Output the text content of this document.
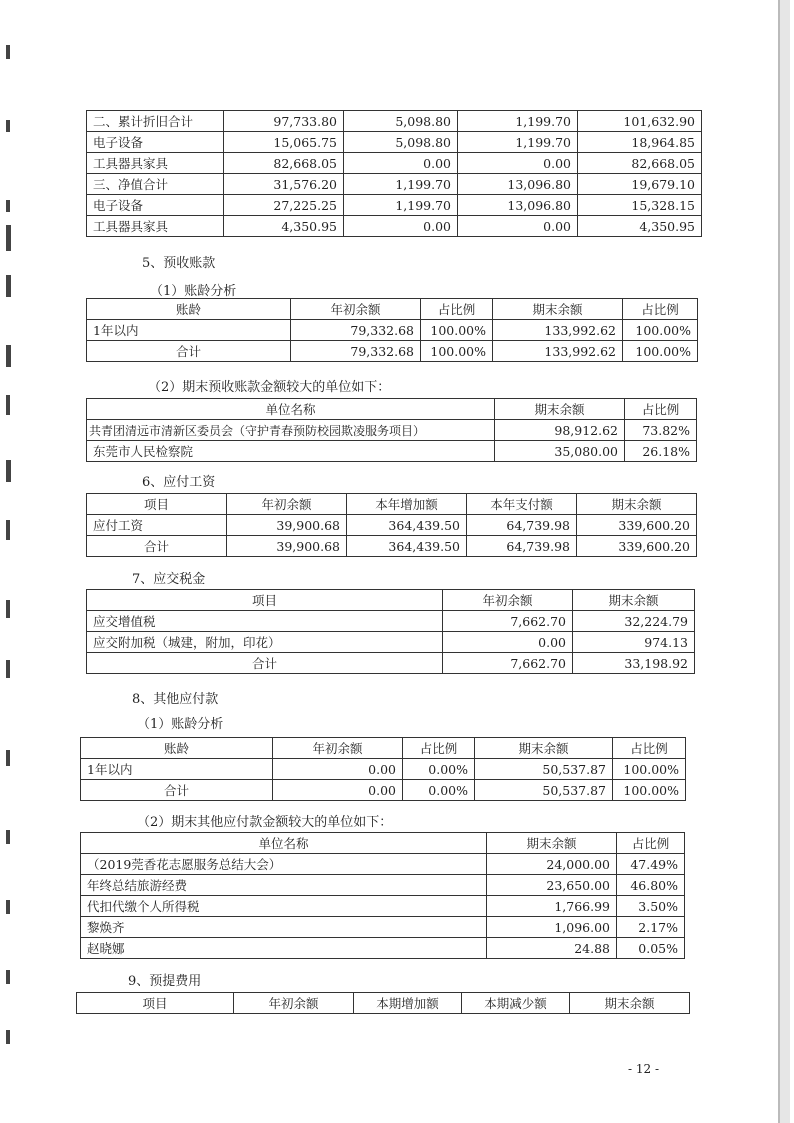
二、累计折旧合计	97,733.80	5,098.80	1,199.70	101,632.90
电子设备	15,065.75	5,098.80	1,199.70	18,964.85
工具器具家具	82,668.05	0.00	0.00	82,668.05
三、净值合计	31,576.20	1,199.70	13,096.80	19,679.10
电子设备	27,225.25	1,199.70	13,096.80	15,328.15
工具器具家具	4,350.95	0.00	0.00	4,350.95
5、预收账款
（1）账龄分析
账龄	年初余额	占比例	期末余额	占比例
1年以内	79,332.68	100.00%	133,992.62	100.00%
合计	79,332.68	100.00%	133,992.62	100.00%
（2）期末预收账款金额较大的单位如下：
单位名称	期末余额	占比例
共青团清远市清新区委员会（守护青春预防校园欺凌服务项目）	98,912.62	73.82%
东莞市人民检察院	35,080.00	26.18%
6、应付工资
项目	年初余额	本年增加额	本年支付额	期末余额
应付工资	39,900.68	364,439.50	64,739.98	339,600.20
合计	39,900.68	364,439.50	64,739.98	339,600.20
7、应交税金
项目	年初余额	期末余额
应交增值税	7,662.70	32,224.79
应交附加税（城建，附加，印花）	0.00	974.13
合计	7,662.70	33,198.92
8、其他应付款
账龄	年初余额	占比例	期末余额	占比例
1年以内	0.00	0.00%	50,537.87	100.00%
合计	0.00	0.00%	50,537.87	100.00%
（1）账龄分析
（2）期末其他应付款金额较大的单位如下：
单位名称	期末余额	占比例
（2019莞香花志愿服务总结大会）	24,000.00	47.49%
年终总结旅游经费	23,650.00	46.80%
代扣代缴个人所得税	1,766.99	3.50%
黎焕齐	1,096.00	2.17%
赵晓娜	24.88	0.05%
9、预提费用
项目	年初余额	本期增加额	本期减少额	期末余额
- 12 -
